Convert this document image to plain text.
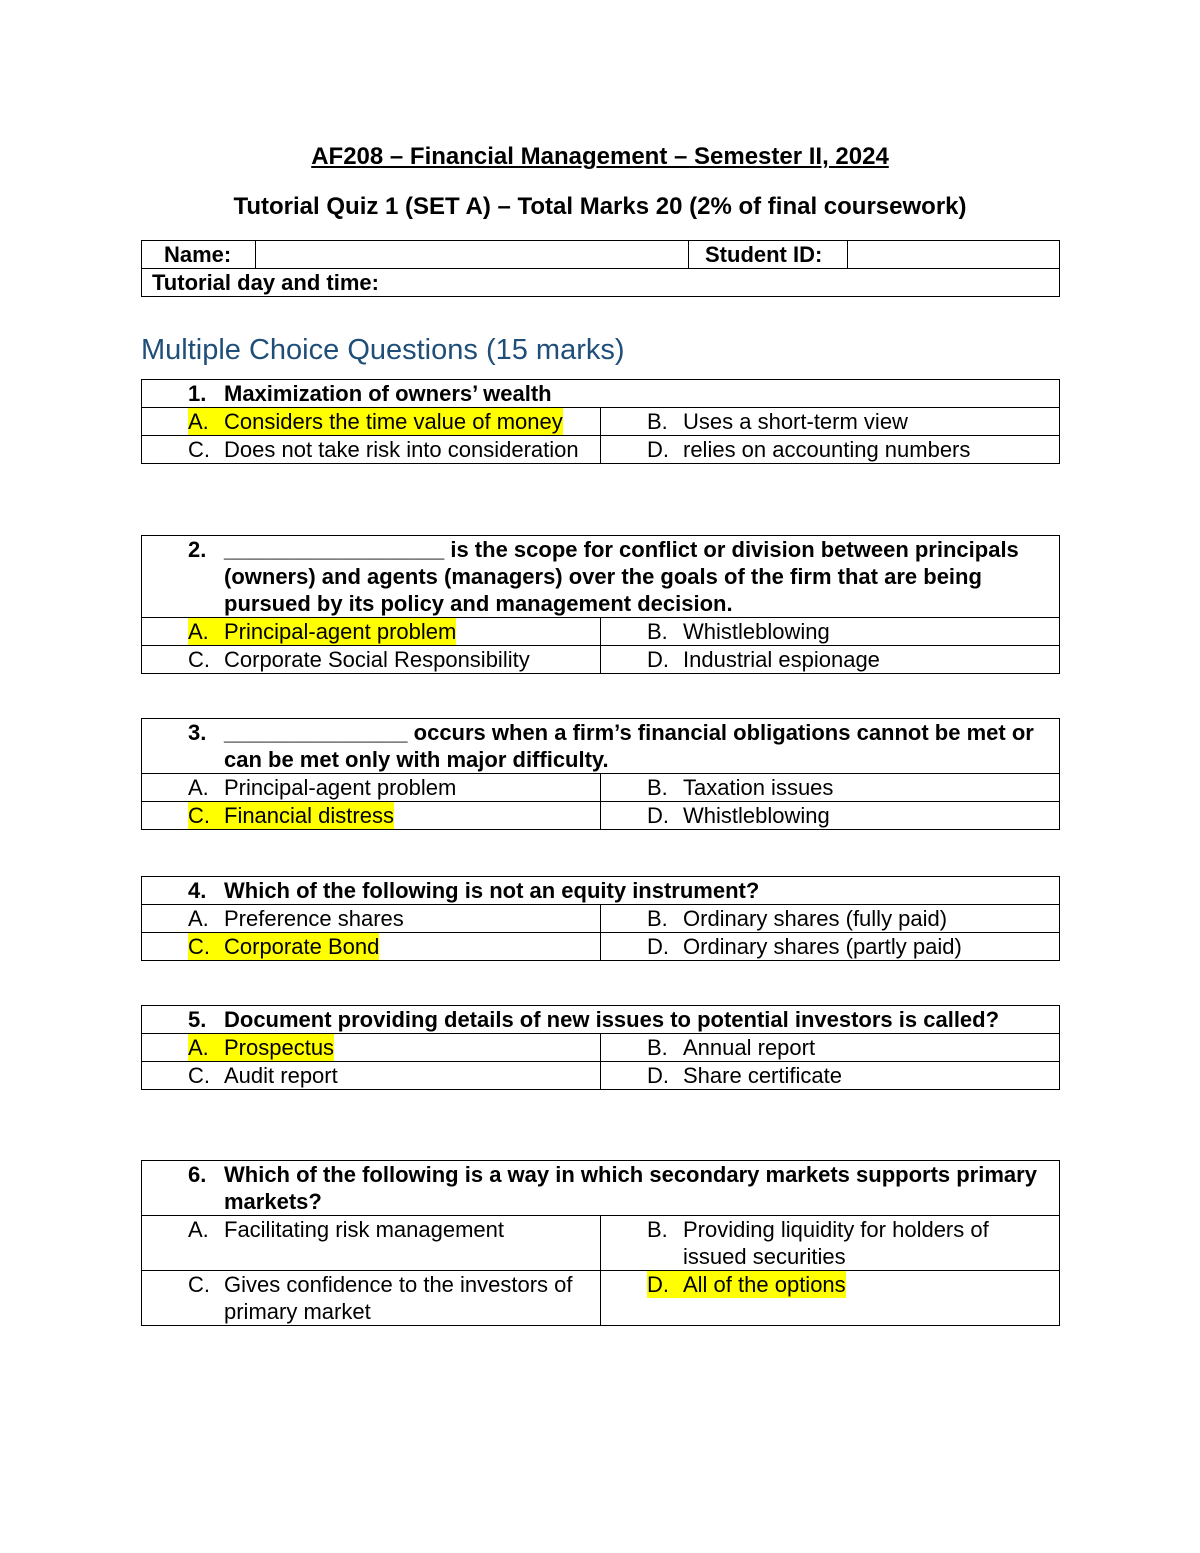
AF208 – Financial Management – Semester II, 2024
Tutorial Quiz 1 (SET A) – Total Marks 20 (2% of final coursework)
Name:		Student ID:	
Tutorial day and time:
Multiple Choice Questions (15 marks)
1. Maximization of owners’ wealth	

A. Considers the time value of money	B. Uses a short-term view

C. Does not take risk into consideration	D. relies on accounting numbers
2. __________________ is the scope for conflict or division between principals (owners) and agents (managers) over the goals of the firm that are being pursued by its policy and management decision.	

A. Principal-agent problem	B. Whistleblowing

C. Corporate Social Responsibility	D. Industrial espionage
3. _______________ occurs when a firm’s financial obligations cannot be met or can be met only with major difficulty.	

A. Principal-agent problem	B. Taxation issues

C. Financial distress	D. Whistleblowing
4. Which of the following is not an equity instrument?	

A. Preference shares	B. Ordinary shares (fully paid)

C. Corporate Bond	D. Ordinary shares (partly paid)
5. Document providing details of new issues to potential investors is called?	

A. Prospectus	B. Annual report

C. Audit report	D. Share certificate
6. Which of the following is a way in which secondary markets supports primary markets?	

A. Facilitating risk management	B. Providing liquidity for holders of issued securities

C. Gives confidence to the investors of primary market	D. All of the options
